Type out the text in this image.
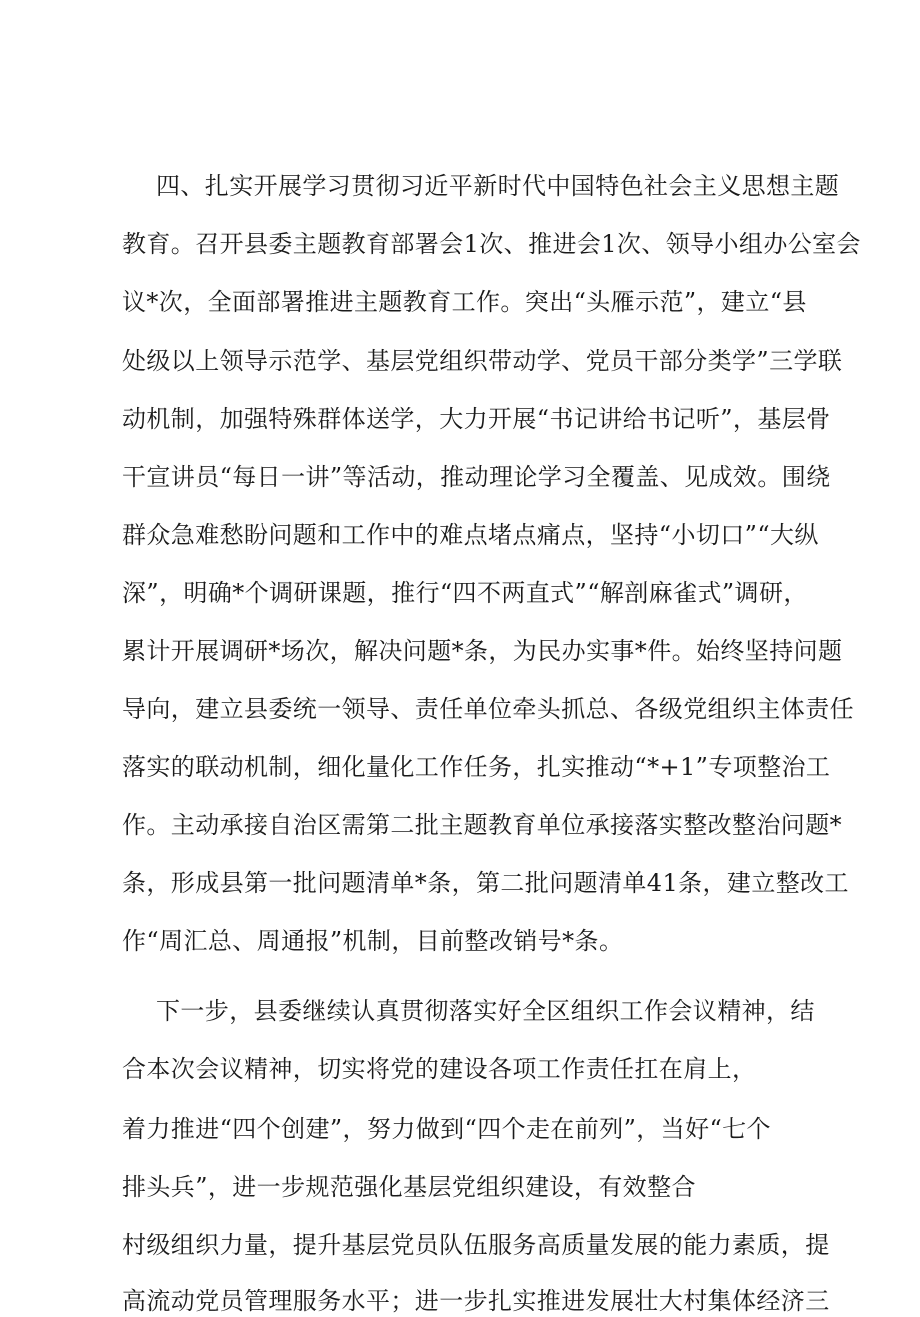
四、扎实开展学习贯彻习近平新时代中国特色社会主义思想主题
教育。召开县委主题教育部署会1次、推进会1次、领导小组办公室会
议*次，全面部署推进主题教育工作。突出“头雁示范”，建立“县
处级以上领导示范学、基层党组织带动学、党员干部分类学”三学联
动机制，加强特殊群体送学，大力开展“书记讲给书记听”，基层骨
干宣讲员“每日一讲”等活动，推动理论学习全覆盖、见成效。围绕
群众急难愁盼问题和工作中的难点堵点痛点，坚持“小切口”“大纵
深”，明确*个调研课题，推行“四不两直式”“解剖麻雀式”调研，
累计开展调研*场次，解决问题*条，为民办实事*件。始终坚持问题
导向，建立县委统一领导、责任单位牵头抓总、各级党组织主体责任
落实的联动机制，细化量化工作任务，扎实推动“*+1”专项整治工
作。主动承接自治区需第二批主题教育单位承接落实整改整治问题*
条，形成县第一批问题清单*条，第二批问题清单41条，建立整改工
作“周汇总、周通报”机制，目前整改销号*条。
下一步，县委继续认真贯彻落实好全区组织工作会议精神，结
合本次会议精神，切实将党的建设各项工作责任扛在肩上，
着力推进“四个创建”，努力做到“四个走在前列”，当好“七个
排头兵”，进一步规范强化基层党组织建设，有效整合
村级组织力量，提升基层党员队伍服务高质量发展的能力素质，提
高流动党员管理服务水平；进一步扎实推进发展壮大村集体经济三
